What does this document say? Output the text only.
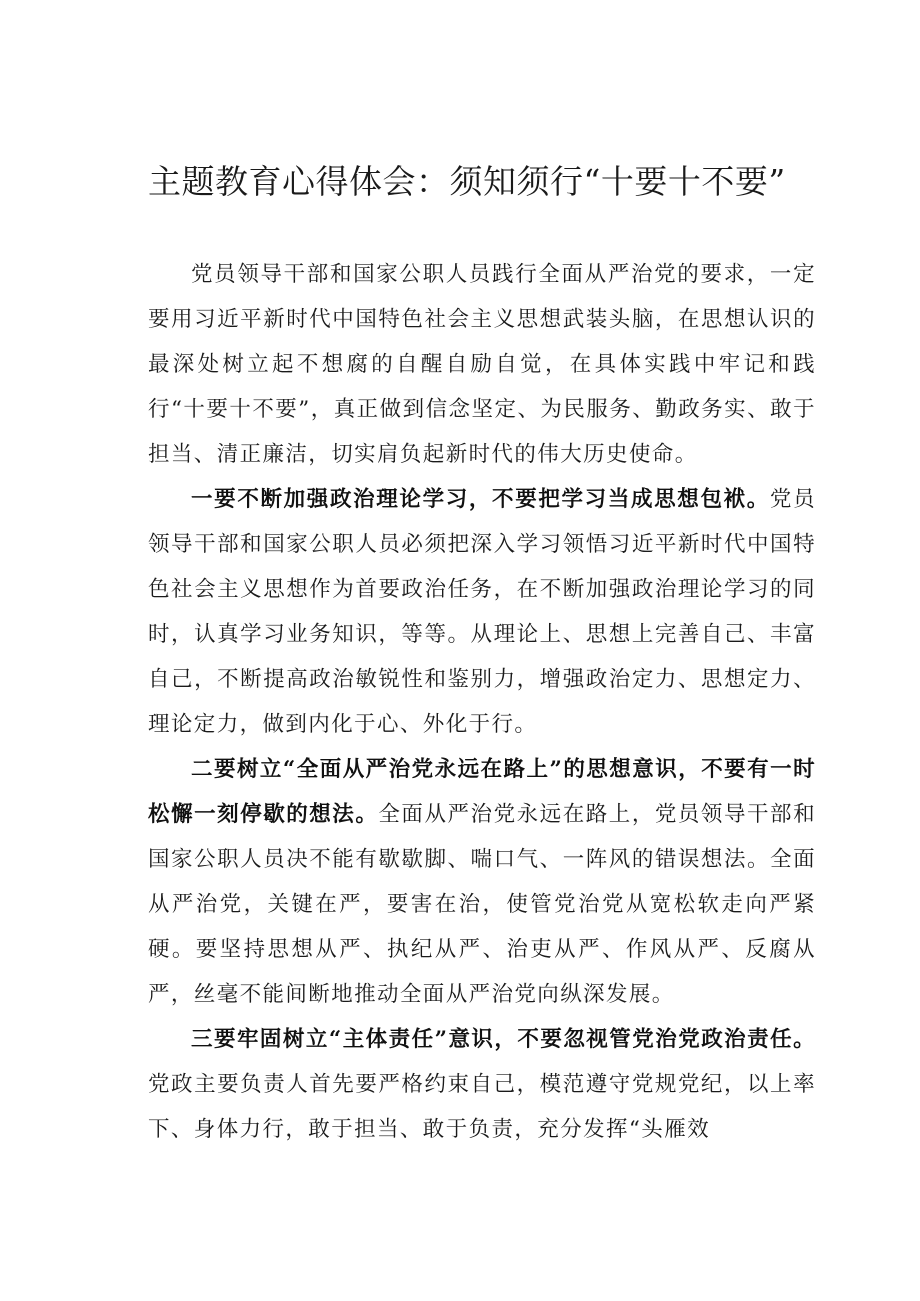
主题教育心得体会：须知须行“十要十不要”

党员领导干部和国家公职人员践行全面从严治党的要求，一定要用习近平新时代中国特色社会主义思想武装头脑，在思想认识的最深处树立起不想腐的自醒自励自觉，在具体实践中牢记和践行“十要十不要”，真正做到信念坚定、为民服务、勤政务实、敢于担当、清正廉洁，切实肩负起新时代的伟大历史使命。

一要不断加强政治理论学习，不要把学习当成思想包袱。党员领导干部和国家公职人员必须把深入学习领悟习近平新时代中国特色社会主义思想作为首要政治任务，在不断加强政治理论学习的同时，认真学习业务知识，等等。从理论上、思想上完善自己、丰富自己，不断提高政治敏锐性和鉴别力，增强政治定力、思想定力、理论定力，做到内化于心、外化于行。

二要树立“全面从严治党永远在路上”的思想意识，不要有一时松懈一刻停歇的想法。全面从严治党永远在路上，党员领导干部和国家公职人员决不能有歇歇脚、喘口气、一阵风的错误想法。全面从严治党，关键在严，要害在治，使管党治党从宽松软走向严紧硬。要坚持思想从严、执纪从严、治吏从严、作风从严、反腐从严，丝毫不能间断地推动全面从严治党向纵深发展。

三要牢固树立“主体责任”意识，不要忽视管党治党政治责任。党政主要负责人首先要严格约束自己，模范遵守党规党纪，以上率下、身体力行，敢于担当、敢于负责，充分发挥“头雁效
